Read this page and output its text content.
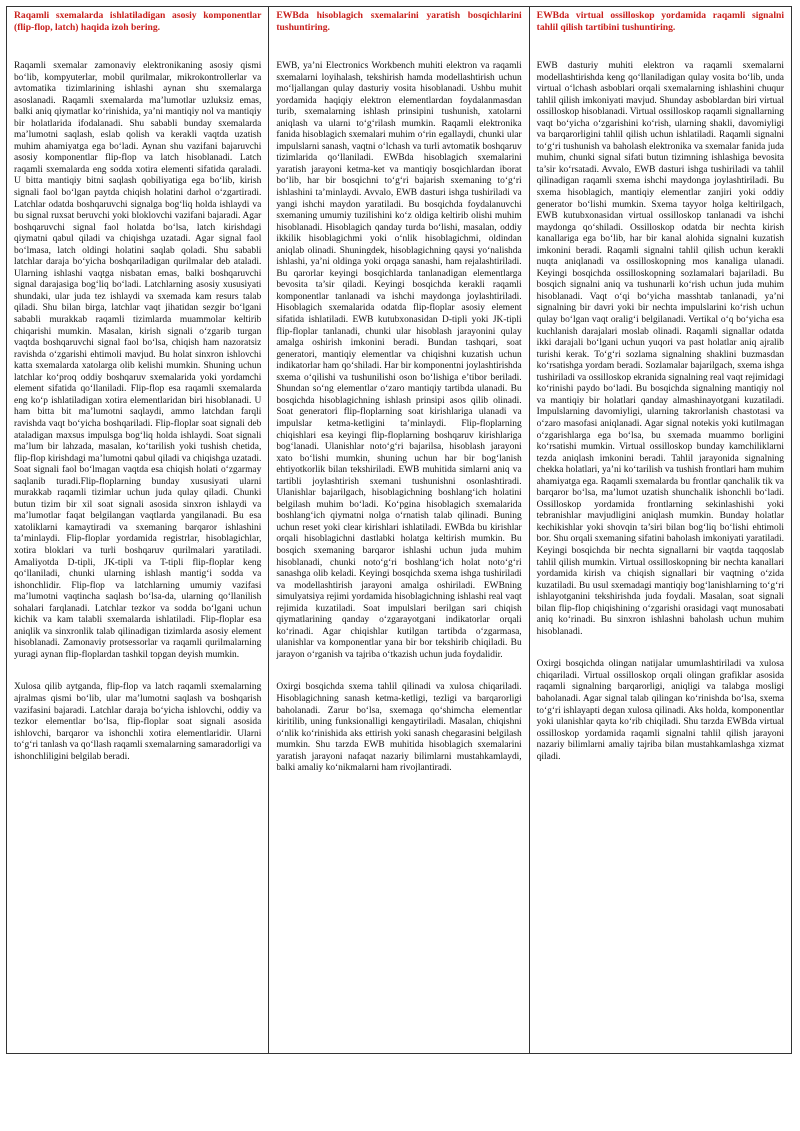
Raqamli sxemalarda ishlatiladigan asosiy komponentlar (flip-flop, latch) haqida izoh bering.

Raqamli sxemalar zamonaviy elektronikaning asosiy qismi bo‘lib, kompyuterlar, mobil qurilmalar, mikrokontrollerlar va avtomatika tizimlarining ishlashi aynan shu sxemalarga asoslanadi. Raqamli sxemalarda ma’lumotlar uzluksiz emas, balki aniq qiymatlar ko‘rinishida, ya’ni mantiqiy nol va mantiqiy bir holatlarida ifodalanadi. Shu sababli bunday sxemalarda ma’lumotni saqlash, eslab qolish va kerakli vaqtda uzatish muhim ahamiyatga ega bo‘ladi. Aynan shu vazifani bajaruvchi asosiy komponentlar flip-flop va latch hisoblanadi. Latch raqamli sxemalarda eng sodda xotira elementi sifatida qaraladi. U bitta mantiqiy bitni saqlash qobiliyatiga ega bo‘lib, kirish signali faol bo‘lgan paytda chiqish holatini darhol o‘zgartiradi. Latchlar odatda boshqaruvchi signalga bog‘liq holda ishlaydi va bu signal ruxsat beruvchi yoki bloklovchi vazifani bajaradi. Agar boshqaruvchi signal faol holatda bo‘lsa, latch kirishdagi qiymatni qabul qiladi va chiqishga uzatadi. Agar signal faol bo‘lmasa, latch oldingi holatini saqlab qoladi. Shu sababli latchlar daraja bo‘yicha boshqariladigan qurilmalar deb ataladi. Ularning ishlashi vaqtga nisbatan emas, balki boshqaruvchi signal darajasiga bog‘liq bo‘ladi. Latchlarning asosiy xususiyati shundaki, ular juda tez ishlaydi va sxemada kam resurs talab qiladi. Shu bilan birga, latchlar vaqt jihatidan sezgir bo‘lgani sababli murakkab raqamli tizimlarda muammolar keltirib chiqarishi mumkin. Masalan, kirish signali o‘zgarib turgan vaqtda boshqaruvchi signal faol bo‘lsa, chiqish ham nazoratsiz ravishda o‘zgarishi ehtimoli mavjud. Bu holat sinxron ishlovchi katta sxemalarda xatolarga olib kelishi mumkin. Shuning uchun latchlar ko‘proq oddiy boshqaruv sxemalarida yoki yordamchi element sifatida qo‘llaniladi. Flip-flop esa raqamli sxemalarda eng ko‘p ishlatiladigan xotira elementlaridan biri hisoblanadi. U ham bitta bit ma’lumotni saqlaydi, ammo latchdan farqli ravishda vaqt bo‘yicha boshqariladi. Flip-floplar soat signali deb ataladigan maxsus impulsga bog‘liq holda ishlaydi. Soat signali ma’lum bir lahzada, masalan, ko‘tarilish yoki tushish chetida, flip-flop kirishdagi ma’lumotni qabul qiladi va chiqishga uzatadi. Soat signali faol bo‘lmagan vaqtda esa chiqish holati o‘zgarmay saqlanib turadi.Flip-floplarning bunday xususiyati ularni murakkab raqamli tizimlar uchun juda qulay qiladi. Chunki butun tizim bir xil soat signali asosida sinxron ishlaydi va ma’lumotlar faqat belgilangan vaqtlarda yangilanadi. Bu esa xatoliklarni kamaytiradi va sxemaning barqaror ishlashini ta’minlaydi. Flip-floplar yordamida registrlar, hisoblagichlar, xotira bloklari va turli boshqaruv qurilmalari yaratiladi. Amaliyotda D-tipli, JK-tipli va T-tipli flip-floplar keng qo‘llaniladi, chunki ularning ishlash mantig‘i sodda va ishonchlidir. Flip-flop va latchlarning umumiy vazifasi ma’lumotni vaqtincha saqlash bo‘lsa-da, ularning qo‘llanilish sohalari farqlanadi. Latchlar tezkor va sodda bo‘lgani uchun kichik va kam talabli sxemalarda ishlatiladi. Flip-floplar esa aniqlik va sinxronlik talab qilinadigan tizimlarda asosiy element hisoblanadi. Zamonaviy protsessorlar va raqamli qurilmalarning yuragi aynan flip-floplardan tashkil topgan deyish mumkin.

Xulosa qilib aytganda, flip-flop va latch raqamli sxemalarning ajralmas qismi bo‘lib, ular ma’lumotni saqlash va boshqarish vazifasini bajaradi. Latchlar daraja bo‘yicha ishlovchi, oddiy va tezkor elementlar bo‘lsa, flip-floplar soat signali asosida ishlovchi, barqaror va ishonchli xotira elementlaridir. Ularni to‘g‘ri tanlash va qo‘llash raqamli sxemalarning samaradorligi va ishonchliligini belgilab beradi.

EWBda hisoblagich sxemalarini yaratish bosqichlarini tushuntiring.

EWB, ya’ni Electronics Workbench muhiti elektron va raqamli sxemalarni loyihalash, tekshirish hamda modellashtirish uchun mo‘ljallangan qulay dasturiy vosita hisoblanadi. Ushbu muhit yordamida haqiqiy elektron elementlardan foydalanmasdan turib, sxemalarning ishlash prinsipini tushunish, xatolarni aniqlash va ularni to‘g‘rilash mumkin. Raqamli elektronika fanida hisoblagich sxemalari muhim o‘rin egallaydi, chunki ular impulslarni sanash, vaqtni o‘lchash va turli avtomatik boshqaruv tizimlarida qo‘llaniladi. EWBda hisoblagich sxemalarini yaratish jarayoni ketma-ket va mantiqiy bosqichlardan iborat bo‘lib, har bir bosqichni to‘g‘ri bajarish sxemaning to‘g‘ri ishlashini ta’minlaydi. Avvalo, EWB dasturi ishga tushiriladi va yangi ishchi maydon yaratiladi. Bu bosqichda foydalanuvchi sxemaning umumiy tuzilishini ko‘z oldiga keltirib olishi muhim hisoblanadi. Hisoblagich qanday turda bo‘lishi, masalan, oddiy ikkilik hisoblagichmi yoki o‘nlik hisoblagichmi, oldindan aniqlab olinadi. Shuningdek, hisoblagichning qaysi yo‘nalishda ishlashi, ya’ni oldinga yoki orqaga sanashi, ham rejalashtiriladi. Bu qarorlar keyingi bosqichlarda tanlanadigan elementlarga bevosita ta’sir qiladi. Keyingi bosqichda kerakli raqamli komponentlar tanlanadi va ishchi maydonga joylashtiriladi. Hisoblagich sxemalarida odatda flip-floplar asosiy element sifatida ishlatiladi. EWB kutubxonasidan D-tipli yoki JK-tipli flip-floplar tanlanadi, chunki ular hisoblash jarayonini qulay amalga oshirish imkonini beradi. Bundan tashqari, soat generatori, mantiqiy elementlar va chiqishni kuzatish uchun indikatorlar ham qo‘shiladi. Har bir komponentni joylashtirishda sxema o‘qilishi va tushunilishi oson bo‘lishiga e’tibor beriladi. Shundan so‘ng elementlar o‘zaro mantiqiy tartibda ulanadi. Bu bosqichda hisoblagichning ishlash prinsipi asos qilib olinadi. Soat generatori flip-floplarning soat kirishlariga ulanadi va impulslar ketma-ketligini ta’minlaydi. Flip-floplarning chiqishlari esa keyingi flip-floplarning boshqaruv kirishlariga bog‘lanadi. Ulanishlar noto‘g‘ri bajarilsa, hisoblash jarayoni xato bo‘lishi mumkin, shuning uchun har bir bog‘lanish ehtiyotkorlik bilan tekshiriladi. EWB muhitida simlarni aniq va tartibli joylashtirish sxemani tushunishni osonlashtiradi. Ulanishlar bajarilgach, hisoblagichning boshlang‘ich holatini belgilash muhim bo‘ladi. Ko‘pgina hisoblagich sxemalarida boshlang‘ich qiymatni nolga o‘rnatish talab qilinadi. Buning uchun reset yoki clear kirishlari ishlatiladi. EWBda bu kirishlar orqali hisoblagichni dastlabki holatga keltirish mumkin. Bu bosqich sxemaning barqaror ishlashi uchun juda muhim hisoblanadi, chunki noto‘g‘ri boshlang‘ich holat noto‘g‘ri sanashga olib keladi. Keyingi bosqichda sxema ishga tushiriladi va modellashtirish jarayoni amalga oshiriladi. EWBning simulyatsiya rejimi yordamida hisoblagichning ishlashi real vaqt rejimida kuzatiladi. Soat impulslari berilgan sari chiqish qiymatlarining qanday o‘zgarayotgani indikatorlar orqali ko‘rinadi. Agar chiqishlar kutilgan tartibda o‘zgarmasa, ulanishlar va komponentlar yana bir bor tekshirib chiqiladi. Bu jarayon o‘rganish va tajriba o‘tkazish uchun juda foydalidir.

Oxirgi bosqichda sxema tahlil qilinadi va xulosa chiqariladi. Hisoblagichning sanash ketma-ketligi, tezligi va barqarorligi baholanadi. Zarur bo‘lsa, sxemaga qo‘shimcha elementlar kiritilib, uning funksionalligi kengaytiriladi. Masalan, chiqishni o‘nlik ko‘rinishida aks ettirish yoki sanash chegarasini belgilash mumkin. Shu tarzda EWB muhitida hisoblagich sxemalarini yaratish jarayoni nafaqat nazariy bilimlarni mustahkamlaydi, balki amaliy ko‘nikmalarni ham rivojlantiradi.

EWBda virtual ossilloskop yordamida raqamli signalni tahlil qilish tartibini tushuntiring.

EWB dasturiy muhiti elektron va raqamli sxemalarni modellashtirishda keng qo‘llaniladigan qulay vosita bo‘lib, unda virtual o‘lchash asboblari orqali sxemalarning ishlashini chuqur tahlil qilish imkoniyati mavjud. Shunday asboblardan biri virtual ossilloskop hisoblanadi. Virtual ossilloskop raqamli signallarning vaqt bo‘yicha o‘zgarishini ko‘rish, ularning shakli, davomiyligi va barqarorligini tahlil qilish uchun ishlatiladi. Raqamli signalni to‘g‘ri tushunish va baholash elektronika va sxemalar fanida juda muhim, chunki signal sifati butun tizimning ishlashiga bevosita ta’sir ko‘rsatadi. Avvalo, EWB dasturi ishga tushiriladi va tahlil qilinadigan raqamli sxema ishchi maydonga joylashtiriladi. Bu sxema hisoblagich, mantiqiy elementlar zanjiri yoki oddiy generator bo‘lishi mumkin. Sxema tayyor holga keltirilgach, EWB kutubxonasidan virtual ossilloskop tanlanadi va ishchi maydonga qo‘shiladi. Ossilloskop odatda bir nechta kirish kanallariga ega bo‘lib, har bir kanal alohida signalni kuzatish imkonini beradi. Raqamli signalni tahlil qilish uchun kerakli nuqta aniqlanadi va ossilloskopning mos kanaliga ulanadi. Keyingi bosqichda ossilloskopning sozlamalari bajariladi. Bu bosqich signalni aniq va tushunarli ko‘rish uchun juda muhim hisoblanadi. Vaqt o‘qi bo‘yicha masshtab tanlanadi, ya’ni signalning bir davri yoki bir nechta impulslarini ko‘rish uchun qulay bo‘lgan vaqt oralig‘i belgilanadi. Vertikal o‘q bo‘yicha esa kuchlanish darajalari moslab olinadi. Raqamli signallar odatda ikki darajali bo‘lgani uchun yuqori va past holatlar aniq ajralib turishi kerak. To‘g‘ri sozlama signalning shaklini buzmasdan ko‘rsatishga yordam beradi. Sozlamalar bajarilgach, sxema ishga tushiriladi va ossilloskop ekranida signalning real vaqt rejimidagi ko‘rinishi paydo bo‘ladi. Bu bosqichda signalning mantiqiy nol va mantiqiy bir holatlari qanday almashinayotgani kuzatiladi. Impulslarning davomiyligi, ularning takrorlanish chastotasi va o‘zaro masofasi aniqlanadi. Agar signal notekis yoki kutilmagan o‘zgarishlarga ega bo‘lsa, bu sxemada muammo borligini ko‘rsatishi mumkin. Virtual ossilloskop bunday kamchiliklarni tezda aniqlash imkonini beradi. Tahlil jarayonida signalning chekka holatlari, ya’ni ko‘tarilish va tushish frontlari ham muhim ahamiyatga ega. Raqamli sxemalarda bu frontlar qanchalik tik va barqaror bo‘lsa, ma’lumot uzatish shunchalik ishonchli bo‘ladi. Ossilloskop yordamida frontlarning sekinlashishi yoki tebranishlar mavjudligini aniqlash mumkin. Bunday holatlar kechikishlar yoki shovqin ta’siri bilan bog‘liq bo‘lishi ehtimoli bor. Shu orqali sxemaning sifatini baholash imkoniyati yaratiladi. Keyingi bosqichda bir nechta signallarni bir vaqtda taqqoslab tahlil qilish mumkin. Virtual ossilloskopning bir nechta kanallari yordamida kirish va chiqish signallari bir vaqtning o‘zida kuzatiladi. Bu usul sxemadagi mantiqiy bog‘lanishlarning to‘g‘ri ishlayotganini tekshirishda juda foydali. Masalan, soat signali bilan flip-flop chiqishining o‘zgarishi orasidagi vaqt munosabati aniq ko‘rinadi. Bu sinxron ishlashni baholash uchun muhim hisoblanadi.

Oxirgi bosqichda olingan natijalar umumlashtiriladi va xulosa chiqariladi. Virtual ossilloskop orqali olingan grafiklar asosida raqamli signalning barqarorligi, aniqligi va talabga mosligi baholanadi. Agar signal talab qilingan ko‘rinishda bo‘lsa, sxema to‘g‘ri ishlayapti degan xulosa qilinadi. Aks holda, komponentlar yoki ulanishlar qayta ko‘rib chiqiladi. Shu tarzda EWBda virtual ossilloskop yordamida raqamli signalni tahlil qilish jarayoni nazariy bilimlarni amaliy tajriba bilan mustahkamlashga xizmat qiladi.
